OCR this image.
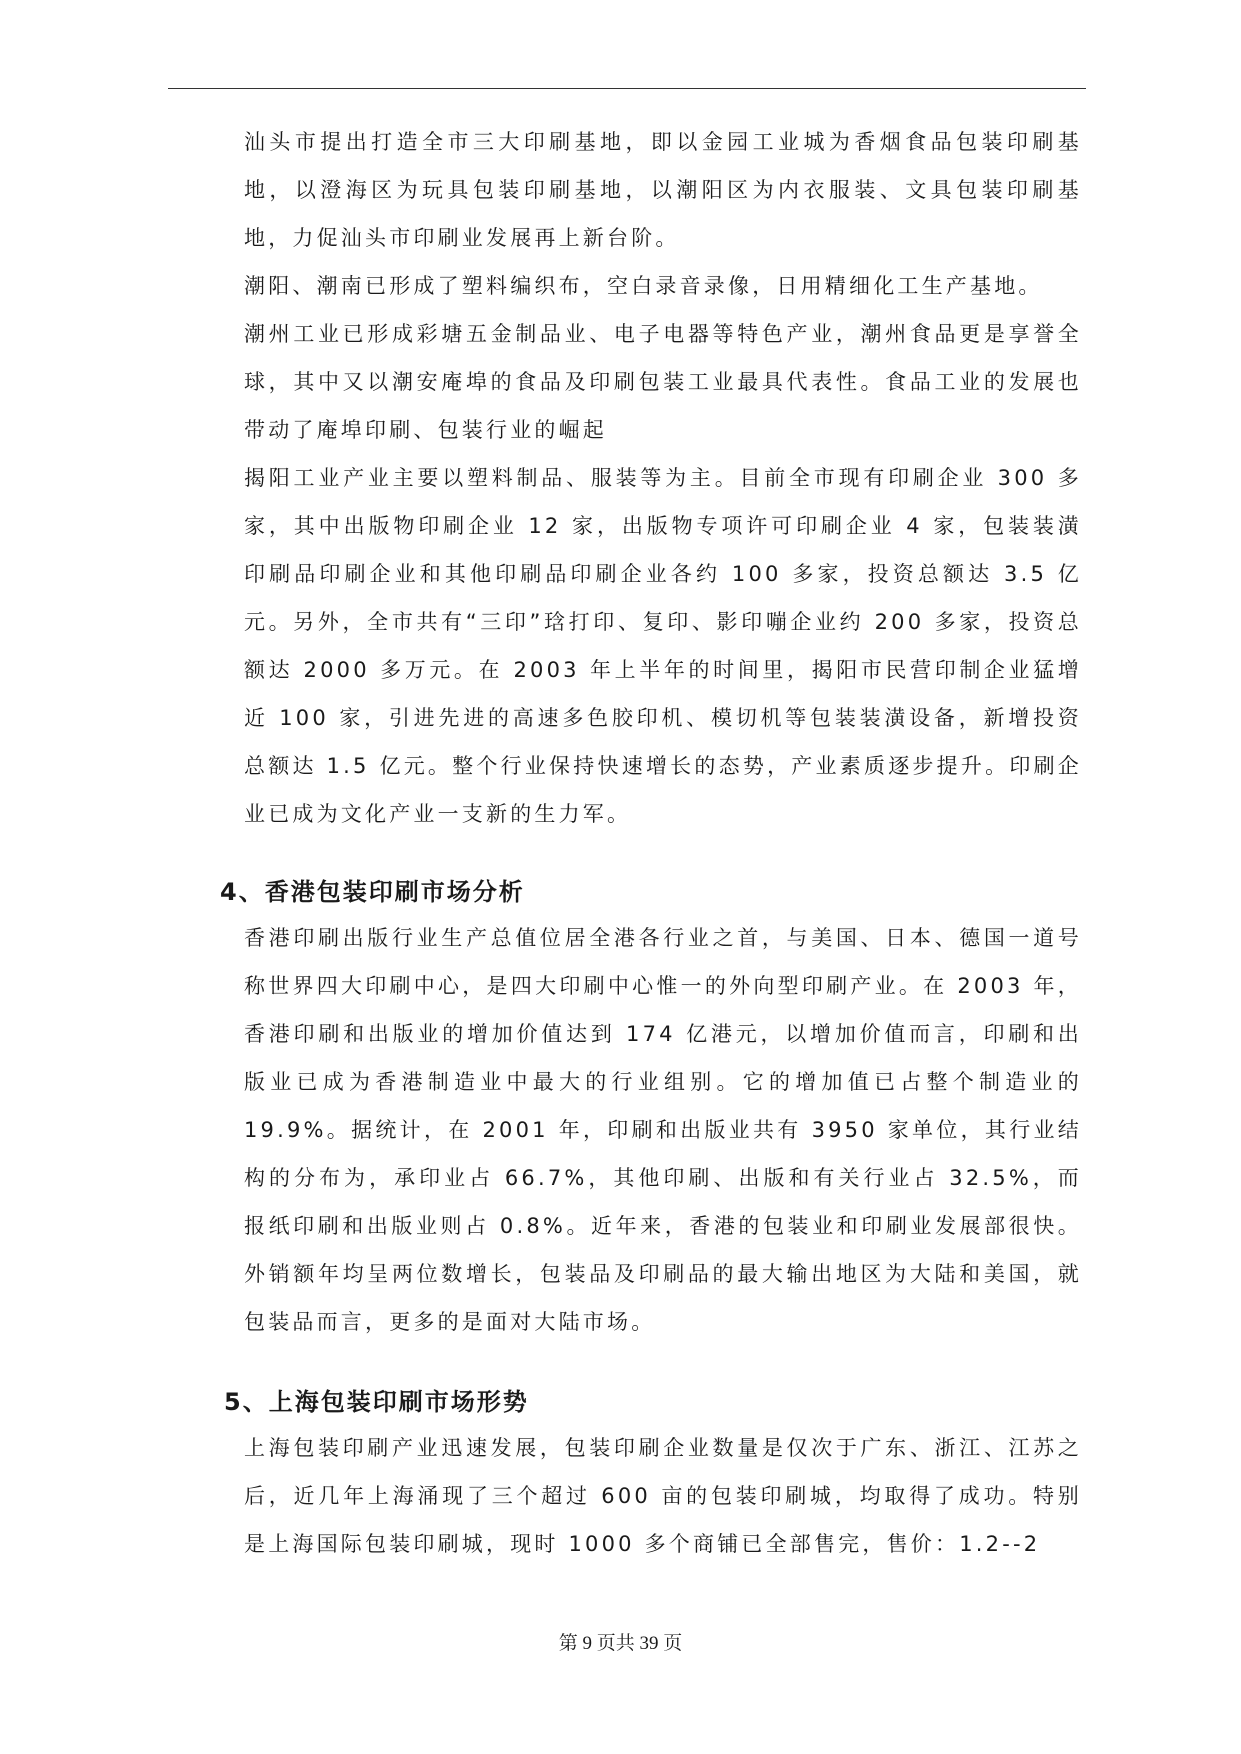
汕头市提出打造全市三大印刷基地，即以金园工业城为香烟食品包装印刷基地，以澄海区为玩具包装印刷基地，以潮阳区为内衣服装、文具包装印刷基地，力促汕头市印刷业发展再上新台阶。

潮阳、潮南已形成了塑料编织布，空白录音录像，日用精细化工生产基地。

潮州工业已形成彩塘五金制品业、电子电器等特色产业，潮州食品更是享誉全球，其中又以潮安庵埠的食品及印刷包装工业最具代表性。食品工业的发展也带动了庵埠印刷、包装行业的崛起

揭阳工业产业主要以塑料制品、服装等为主。目前全市现有印刷企业 300 多家，其中出版物印刷企业 12 家，出版物专项许可印刷企业 4 家，包装装潢印刷品印刷企业和其他印刷品印刷企业各约 100 多家，投资总额达 3.5 亿元。另外，全市共有“三印”琀打印、复印、影印嘣企业约 200 多家，投资总额达 2000 多万元。在 2003 年上半年的时间里，揭阳市民营印制企业猛增近 100 家，引进先进的高速多色胶印机、模切机等包装装潢设备，新增投资总额达 1.5 亿元。整个行业保持快速增长的态势，产业素质逐步提升。印刷企业已成为文化产业一支新的生力军。

4、香港包装印刷市场分析

香港印刷出版行业生产总值位居全港各行业之首，与美国、日本、德国一道号称世界四大印刷中心，是四大印刷中心惟一的外向型印刷产业。在 2003 年，香港印刷和出版业的增加价值达到 174 亿港元，以增加价值而言，印刷和出版业已成为香港制造业中最大的行业组别。它的增加值已占整个制造业的 19.9%。据统计，在 2001 年，印刷和出版业共有 3950 家单位，其行业结构的分布为，承印业占 66.7%，其他印刷、出版和有关行业占 32.5%，而报纸印刷和出版业则占 0.8%。近年来，香港的包装业和印刷业发展部很快。外销额年均呈两位数增长，包装品及印刷品的最大输出地区为大陆和美国，就包装品而言，更多的是面对大陆市场。

5、上海包装印刷市场形势

上海包装印刷产业迅速发展，包装印刷企业数量是仅次于广东、浙江、江苏之后，近几年上海涌现了三个超过 600 亩的包装印刷城，均取得了成功。特别是上海国际包装印刷城，现时 1000 多个商铺已全部售完，售价：1.2--2

第 9 页共 39 页
